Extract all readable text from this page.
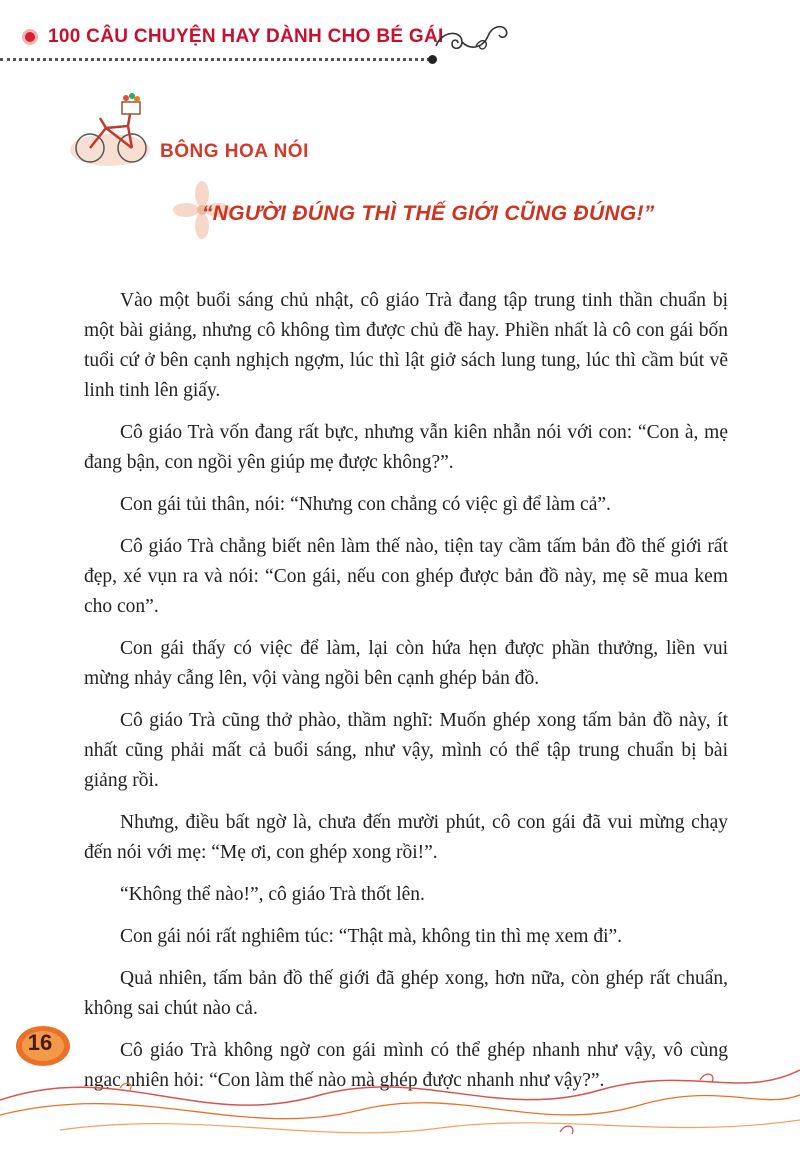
100 CÂU CHUYỆN HAY DÀNH CHO BÉ GÁI
BÔNG HOA NÓI
“NGƯỜI ĐÚNG THÌ THẾ GIỚI CŨNG ĐÚNG!”

Vào một buổi sáng chủ nhật, cô giáo Trà đang tập trung tinh thần chuẩn bị một bài giảng, nhưng cô không tìm được chủ đề hay. Phiền nhất là cô con gái bốn tuổi cứ ở bên cạnh nghịch ngợm, lúc thì lật giở sách lung tung, lúc thì cầm bút vẽ linh tinh lên giấy.

Cô giáo Trà vốn đang rất bực, nhưng vẫn kiên nhẫn nói với con: “Con à, mẹ đang bận, con ngồi yên giúp mẹ được không?”.

Con gái tủi thân, nói: “Nhưng con chẳng có việc gì để làm cả”.

Cô giáo Trà chẳng biết nên làm thế nào, tiện tay cầm tấm bản đồ thế giới rất đẹp, xé vụn ra và nói: “Con gái, nếu con ghép được bản đồ này, mẹ sẽ mua kem cho con”.

Con gái thấy có việc để làm, lại còn hứa hẹn được phần thưởng, liền vui mừng nhảy cẫng lên, vội vàng ngồi bên cạnh ghép bản đồ.

Cô giáo Trà cũng thở phào, thầm nghĩ: Muốn ghép xong tấm bản đồ này, ít nhất cũng phải mất cả buổi sáng, như vậy, mình có thể tập trung chuẩn bị bài giảng rồi.

Nhưng, điều bất ngờ là, chưa đến mười phút, cô con gái đã vui mừng chạy đến nói với mẹ: “Mẹ ơi, con ghép xong rồi!”.

“Không thể nào!”, cô giáo Trà thốt lên.

Con gái nói rất nghiêm túc: “Thật mà, không tin thì mẹ xem đi”.

Quả nhiên, tấm bản đồ thế giới đã ghép xong, hơn nữa, còn ghép rất chuẩn, không sai chút nào cả.

Cô giáo Trà không ngờ con gái mình có thể ghép nhanh như vậy, vô cùng ngạc nhiên hỏi: “Con làm thế nào mà ghép được nhanh như vậy?”.

16
